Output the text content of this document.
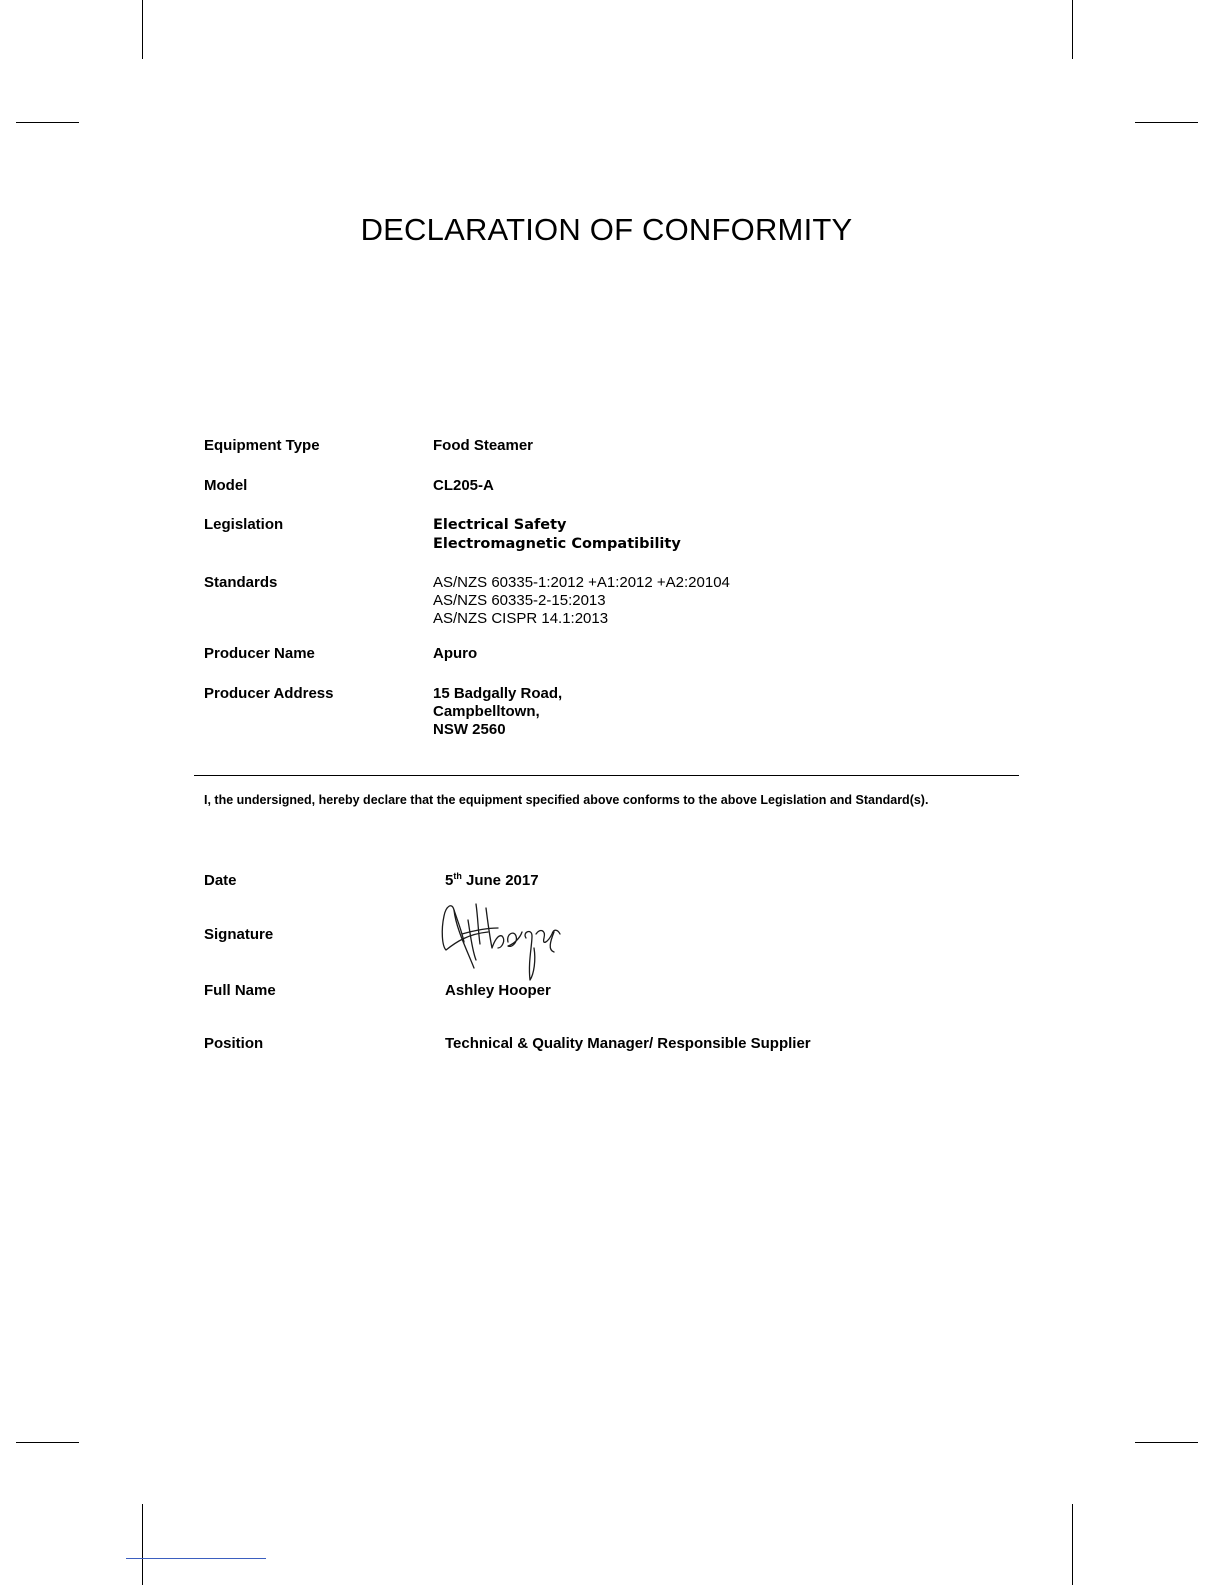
DECLARATION OF CONFORMITY
Equipment Type	Food Steamer
Model	CL205-A
Legislation	Electrical Safety
Electromagnetic Compatibility
Standards	AS/NZS 60335-1:2012 +A1:2012 +A2:20104
AS/NZS 60335-2-15:2013
AS/NZS CISPR 14.1:2013
Producer Name	Apuro
Producer Address	15 Badgally Road,
Campbelltown,
NSW 2560
I, the undersigned, hereby declare that the equipment specified above conforms to the above Legislation and Standard(s).
Date	5th June 2017
Signature
Full Name	Ashley Hooper
Position	Technical & Quality Manager/ Responsible Supplier
